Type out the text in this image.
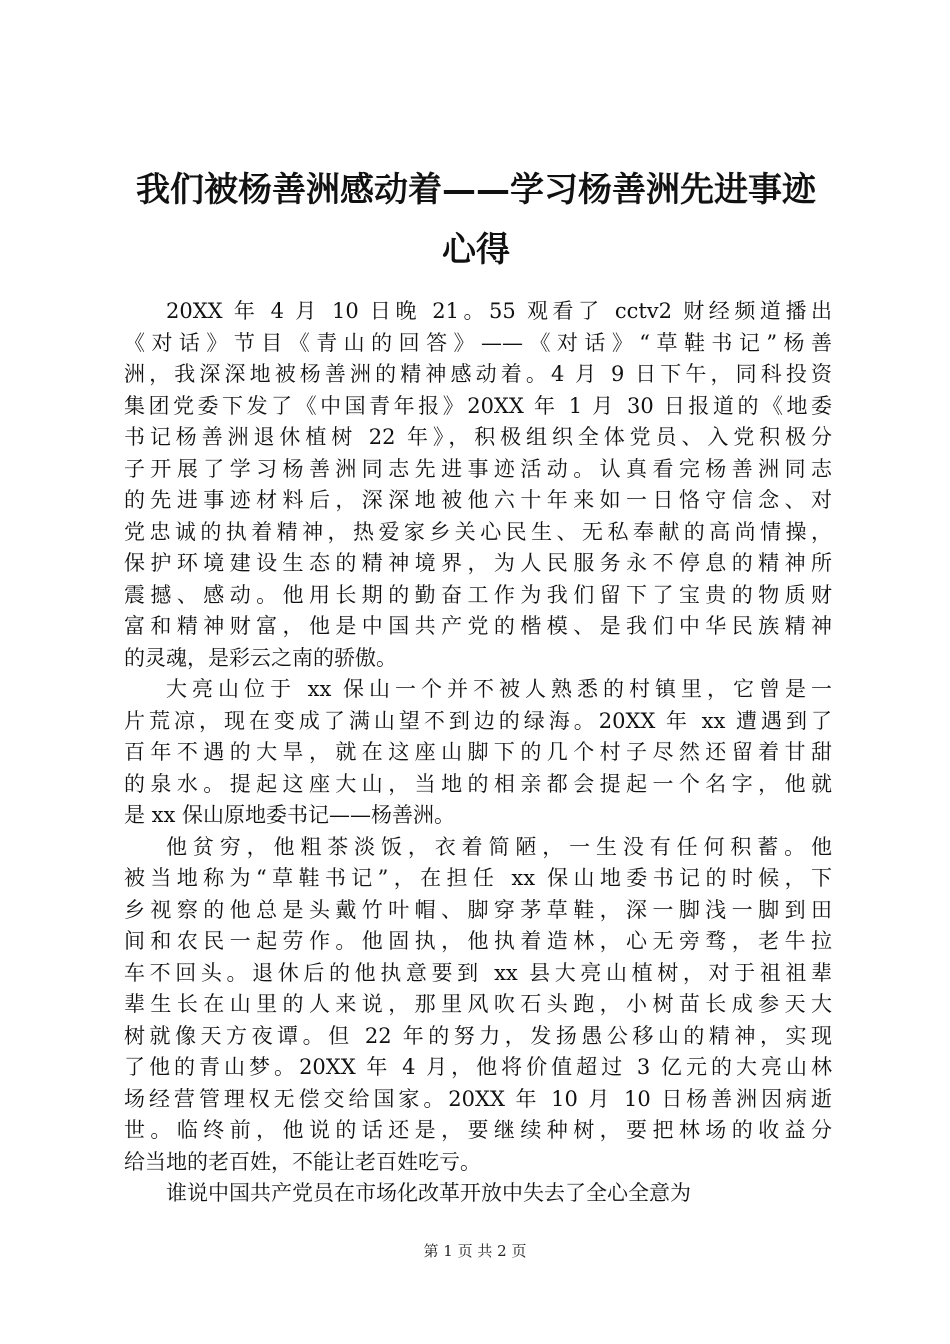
我们被杨善洲感动着——学习杨善洲先进事迹
心得

20XX 年 4 月 10 日晚 21。55 观看了 cctv2 财经频道播出
《对话》节目《青山的回答》——《对话》“草鞋书记”杨善
洲，我深深地被杨善洲的精神感动着。4 月 9 日下午，同科投资
集团党委下发了《中国青年报》20XX 年 1 月 30 日报道的《地委
书记杨善洲退休植树 22 年》，积极组织全体党员、入党积极分
子开展了学习杨善洲同志先进事迹活动。认真看完杨善洲同志
的先进事迹材料后，深深地被他六十年来如一日恪守信念、对
党忠诚的执着精神，热爱家乡关心民生、无私奉献的高尚情操，
保护环境建设生态的精神境界，为人民服务永不停息的精神所
震撼、感动。他用长期的勤奋工作为我们留下了宝贵的物质财
富和精神财富，他是中国共产党的楷模、是我们中华民族精神
的灵魂，是彩云之南的骄傲。

大亮山位于 xx 保山一个并不被人熟悉的村镇里，它曾是一
片荒凉，现在变成了满山望不到边的绿海。20XX 年 xx 遭遇到了
百年不遇的大旱，就在这座山脚下的几个村子尽然还留着甘甜
的泉水。提起这座大山，当地的相亲都会提起一个名字，他就
是 xx 保山原地委书记——杨善洲。

他贫穷，他粗茶淡饭，衣着简陋，一生没有任何积蓄。他
被当地称为“草鞋书记”，在担任 xx 保山地委书记的时候，下
乡视察的他总是头戴竹叶帽、脚穿茅草鞋，深一脚浅一脚到田
间和农民一起劳作。他固执，他执着造林，心无旁骛，老牛拉
车不回头。退休后的他执意要到 xx 县大亮山植树，对于祖祖辈
辈生长在山里的人来说，那里风吹石头跑，小树苗长成参天大
树就像天方夜谭。但 22 年的努力，发扬愚公移山的精神，实现
了他的青山梦。20XX 年 4 月，他将价值超过 3 亿元的大亮山林
场经营管理权无偿交给国家。20XX 年 10 月 10 日杨善洲因病逝
世。临终前，他说的话还是，要继续种树，要把林场的收益分
给当地的老百姓，不能让老百姓吃亏。

谁说中国共产党员在市场化改革开放中失去了全心全意为

第 1 页 共 2 页
